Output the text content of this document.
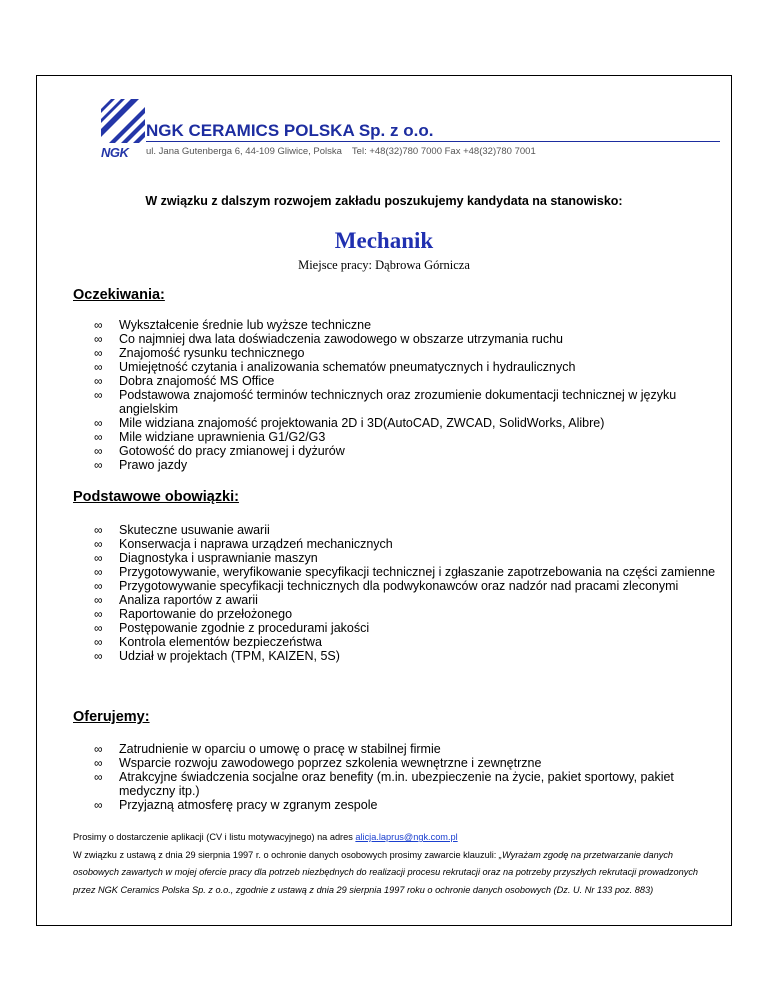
NGK
NGK CERAMICS POLSKA Sp. z o.o.
ul. Jana Gutenberga 6, 44-109 Gliwice, Polska Tel: +48(32)780 7000 Fax +48(32)780 7001
W związku z dalszym rozwojem zakładu poszukujemy kandydata na stanowisko:
Mechanik
Miejsce pracy: Dąbrowa Górnicza
Oczekiwania:
∞ Wykształcenie średnie lub wyższe techniczne
∞ Co najmniej dwa lata doświadczenia zawodowego w obszarze utrzymania ruchu
∞ Znajomość rysunku technicznego
∞ Umiejętność czytania i analizowania schematów pneumatycznych i hydraulicznych
∞ Dobra znajomość MS Office
∞ Podstawowa znajomość terminów technicznych oraz zrozumienie dokumentacji technicznej w języku angielskim
∞ Mile widziana znajomość projektowania 2D i 3D(AutoCAD, ZWCAD, SolidWorks, Alibre)
∞ Mile widziane uprawnienia G1/G2/G3
∞ Gotowość do pracy zmianowej i dyżurów
∞ Prawo jazdy
Podstawowe obowiązki:
∞ Skuteczne usuwanie awarii
∞ Konserwacja i naprawa urządzeń mechanicznych
∞ Diagnostyka i usprawnianie maszyn
∞ Przygotowywanie, weryfikowanie specyfikacji technicznej i zgłaszanie zapotrzebowania na części zamienne
∞ Przygotowywanie specyfikacji technicznych dla podwykonawców oraz nadzór nad pracami zleconymi
∞ Analiza raportów z awarii
∞ Raportowanie do przełożonego
∞ Postępowanie zgodnie z procedurami jakości
∞ Kontrola elementów bezpieczeństwa
∞ Udział w projektach (TPM, KAIZEN, 5S)
Oferujemy:
∞ Zatrudnienie w oparciu o umowę o pracę w stabilnej firmie
∞ Wsparcie rozwoju zawodowego poprzez szkolenia wewnętrzne i zewnętrzne
∞ Atrakcyjne świadczenia socjalne oraz benefity (m.in. ubezpieczenie na życie, pakiet sportowy, pakiet medyczny itp.)
∞ Przyjazną atmosferę pracy w zgranym zespole
Prosimy o dostarczenie aplikacji (CV i listu motywacyjnego) na adres alicja.laprus@ngk.com.pl
W związku z ustawą z dnia 29 sierpnia 1997 r. o ochronie danych osobowych prosimy zawarcie klauzuli: „Wyrażam zgodę na przetwarzanie danych osobowych zawartych w mojej ofercie pracy dla potrzeb niezbędnych do realizacji procesu rekrutacji oraz na potrzeby przyszłych rekrutacji prowadzonych przez NGK Ceramics Polska Sp. z o.o., zgodnie z ustawą z dnia 29 sierpnia 1997 roku o ochronie danych osobowych (Dz. U. Nr 133 poz. 883)
